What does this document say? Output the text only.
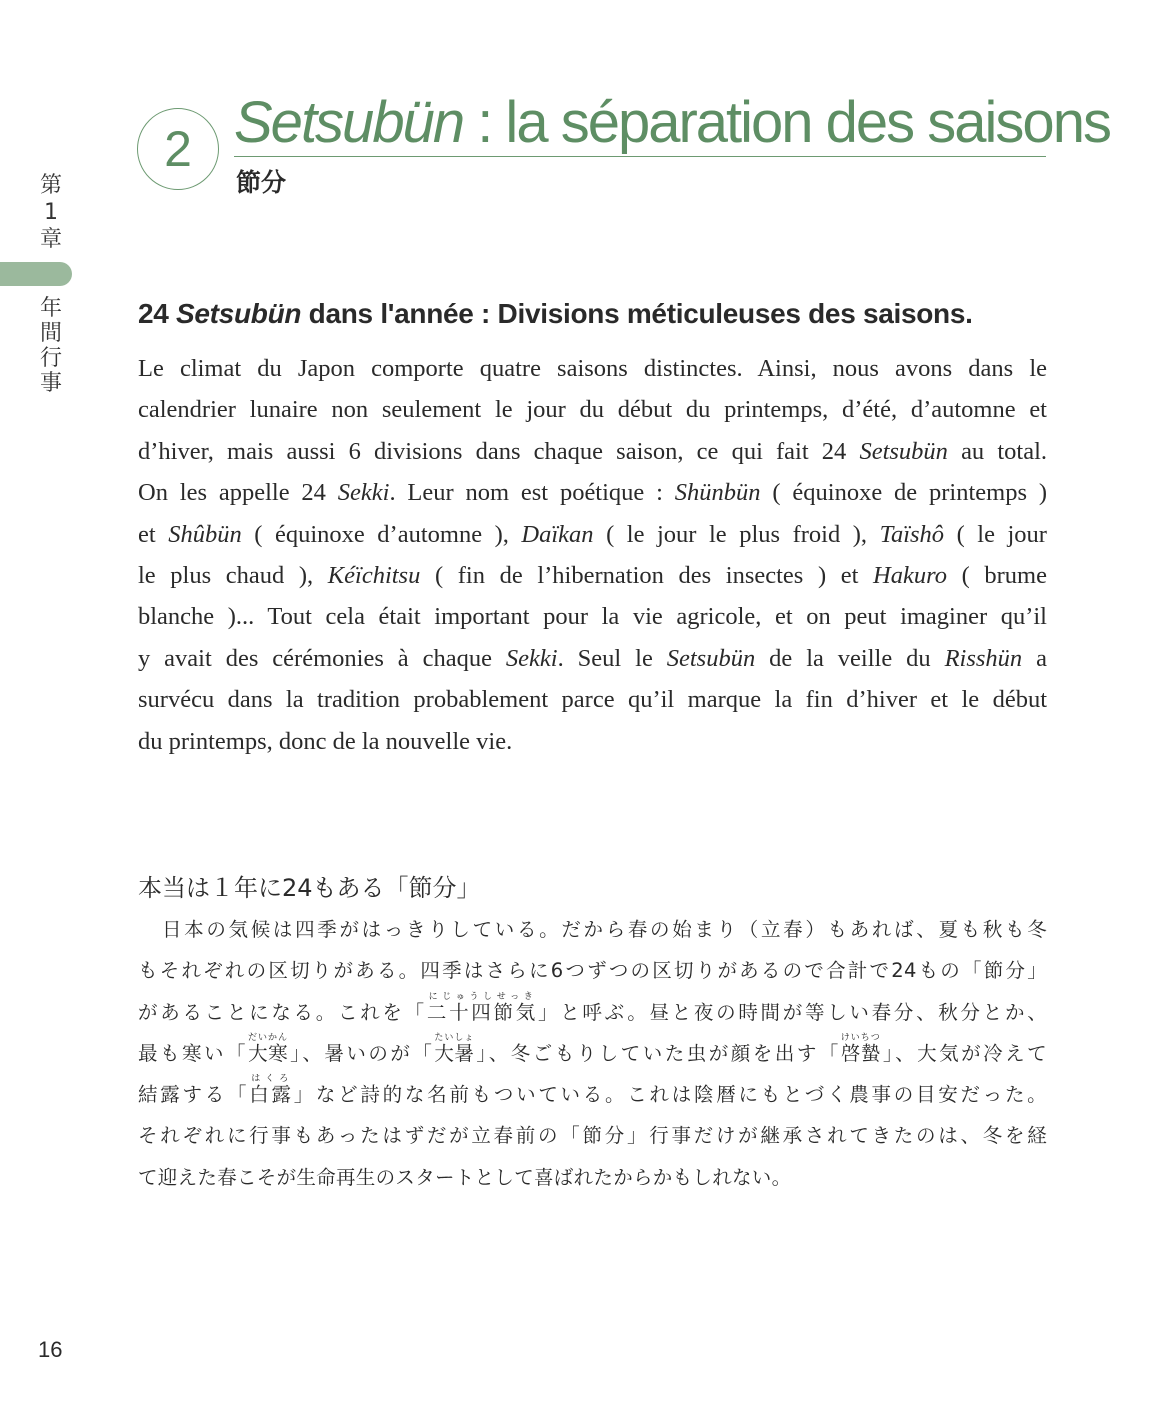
第
1
章
年
間
行
事
2 Setsubün : la séparation des saisons
節分
24 Setsubün dans l'année : Divisions méticuleuses des saisons.
Le climat du Japon comporte quatre saisons distinctes. Ainsi, nous avons dans le
calendrier lunaire non seulement le jour du début du printemps, d’été, d’automne et
d’hiver, mais aussi 6 divisions dans chaque saison, ce qui fait 24 Setsubün au total.
On les appelle 24 Sekki. Leur nom est poétique : Shünbün ( équinoxe de printemps )
et Shûbün ( équinoxe d’automne ), Daïkan ( le jour le plus froid ), Taïshô ( le jour
le plus chaud ), Kéïchitsu ( fin de l’hibernation des insectes ) et Hakuro ( brume
blanche )... Tout cela était important pour la vie agricole, et on peut imaginer qu’il
y avait des cérémonies à chaque Sekki. Seul le Setsubün de la veille du Risshün a
survécu dans la tradition probablement parce qu’il marque la fin d’hiver et le début
du printemps, donc de la nouvelle vie.
本当は１年に24もある「節分」
日本の気候は四季がはっきりしている。だから春の始まり（立春）もあれば、夏も秋も冬
もそれぞれの区切りがある。四季はさらに6つずつの区切りがあるので合計で24もの「節分」
があることになる。これを「二十四節気にじゅうしせっき」と呼ぶ。昼と夜の時間が等しい春分、秋分とか、
最も寒い「大寒だいかん」、暑いのが「大暑たいしょ」、冬ごもりしていた虫が顔を出す「啓蟄けいちつ」、大気が冷えて
結露する「白露はくろ」など詩的な名前もついている。これは陰暦にもとづく農事の目安だった。
それぞれに行事もあったはずだが立春前の「節分」行事だけが継承されてきたのは、冬を経
て迎えた春こそが生命再生のスタートとして喜ばれたからかもしれない。
16
